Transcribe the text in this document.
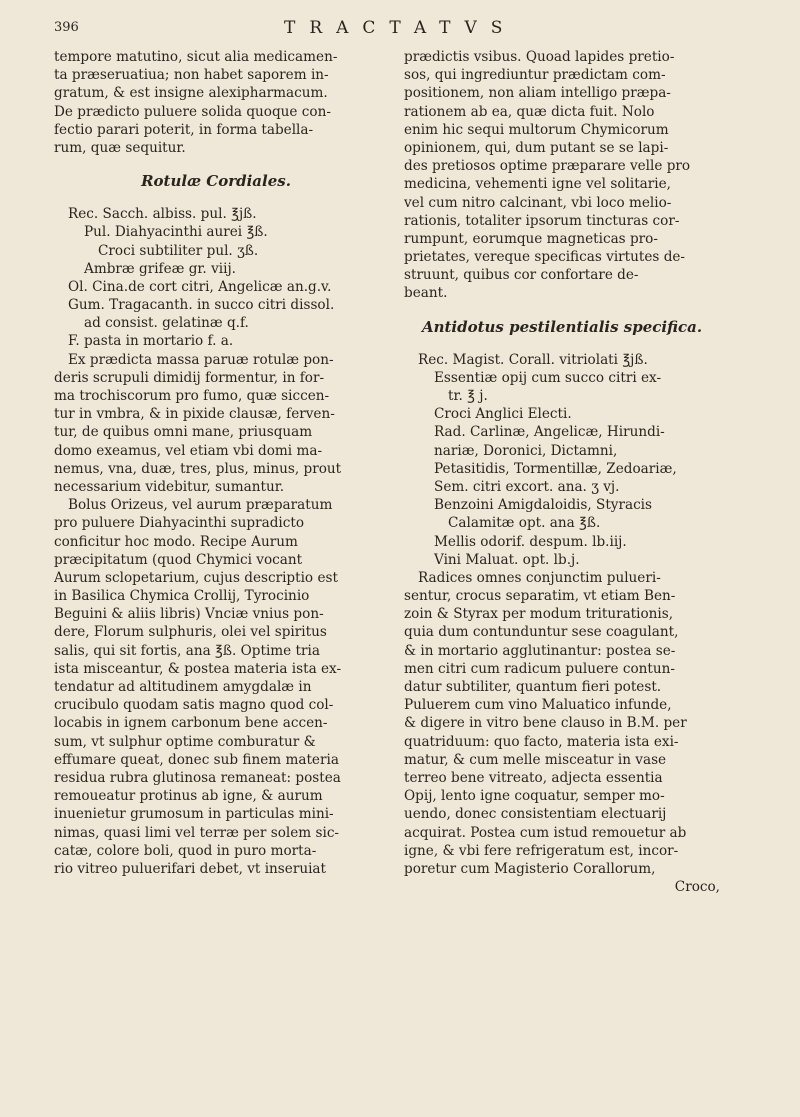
396	TRACTATVS
tempore matutino, sicut alia medicamen-
ta præseruatiua; non habet saporem in-
gratum, & est insigne alexipharmacum.
De prædicto puluere solida quoque con-
fectio parari poterit, in forma tabella-
rum, quæ sequitur.
Rotulæ Cordiales.
Rec. Sacch. albiss. pul. ℥jß.
Pul. Diahyacinthi aurei ℥ß.
Croci subtiliter pul. ʒß.
Ambræ grifeæ gr. viij.
Ol. Cina.de cort citri, Angelicæ an.g.v.
Gum. Tragacanth. in succo citri dissol.
ad consist. gelatinæ q.f.
F. pasta in mortario f. a.
Ex prædicta massa paruæ rotulæ pon-
deris scrupuli dimidij formentur, in for-
ma trochiscorum pro fumo, quæ siccen-
tur in vmbra, & in pixide clausæ, ferven-
tur, de quibus omni mane, priusquam
domo exeamus, vel etiam vbi domi ma-
nemus, vna, duæ, tres, plus, minus, prout
necessarium videbitur, sumantur.
Bolus Orizeus, vel aurum præparatum
pro puluere Diahyacinthi supradicto
conficitur hoc modo. Recipe Aurum
præcipitatum (quod Chymici vocant
Aurum sclopetarium, cujus descriptio est
in Basilica Chymica Crollij, Tyrocinio
Beguini & aliis libris) Vnciæ vnius pon-
dere, Florum sulphuris, olei vel spiritus
salis, qui sit fortis, ana ℥ß. Optime tria
ista misceantur, & postea materia ista ex-
tendatur ad altitudinem amygdalæ in
crucibulo quodam satis magno quod col-
locabis in ignem carbonum bene accen-
sum, vt sulphur optime comburatur &
effumare queat, donec sub finem materia
residua rubra glutinosa remaneat: postea
remoueatur protinus ab igne, & aurum
inuenietur grumosum in particulas mini-
nimas, quasi limi vel terræ per solem sic-
catæ, colore boli, quod in puro morta-
rio vitreo puluerifari debet, vt inseruiat
prædictis vsibus. Quoad lapides pretio-
sos, qui ingrediuntur prædictam com-
positionem, non aliam intelligo præpa-
rationem ab ea, quæ dicta fuit. Nolo
enim hic sequi multorum Chymicorum
opinionem, qui, dum putant se se lapi-
des pretiosos optime præparare velle pro
medicina, vehementi igne vel solitarie,
vel cum nitro calcinant, vbi loco melio-
rationis, totaliter ipsorum tincturas cor-
rumpunt, eorumque magneticas pro-
prietates, vereque specificas virtutes de-
struunt, quibus cor confortare de-
beant.
Antidotus pestilentialis specifica.
Rec. Magist. Corall. vitriolati ℥jß.
Essentiæ opij cum succo citri ex-
tr. ℥ j.
Croci Anglici Electi.
Rad. Carlinæ, Angelicæ, Hirundi-
nariæ, Doronici, Dictamni,
Petasitidis, Tormentillæ, Zedoariæ,
Sem. citri excort. ana. ʒ vj.
Benzoini Amigdaloidis, Styracis
Calamitæ opt. ana ℥ß.
Mellis odorif. despum. lb.iij.
Vini Maluat. opt. lb.j.
Radices omnes conjunctim pulueri-
sentur, crocus separatim, vt etiam Ben-
zoin & Styrax per modum triturationis,
quia dum contunduntur sese coagulant,
& in mortario agglutinantur: postea se-
men citri cum radicum puluere contun-
datur subtiliter, quantum fieri potest.
Puluerem cum vino Maluatico infunde,
& digere in vitro bene clauso in B.M. per
quatriduum: quo facto, materia ista exi-
matur, & cum melle misceatur in vase
terreo bene vitreato, adjecta essentia
Opij, lento igne coquatur, semper mo-
uendo, donec consistentiam electuarij
acquirat. Postea cum istud remouetur ab
igne, & vbi fere refrigeratum est, incor-
poretur cum Magisterio Corallorum,
Croco,
